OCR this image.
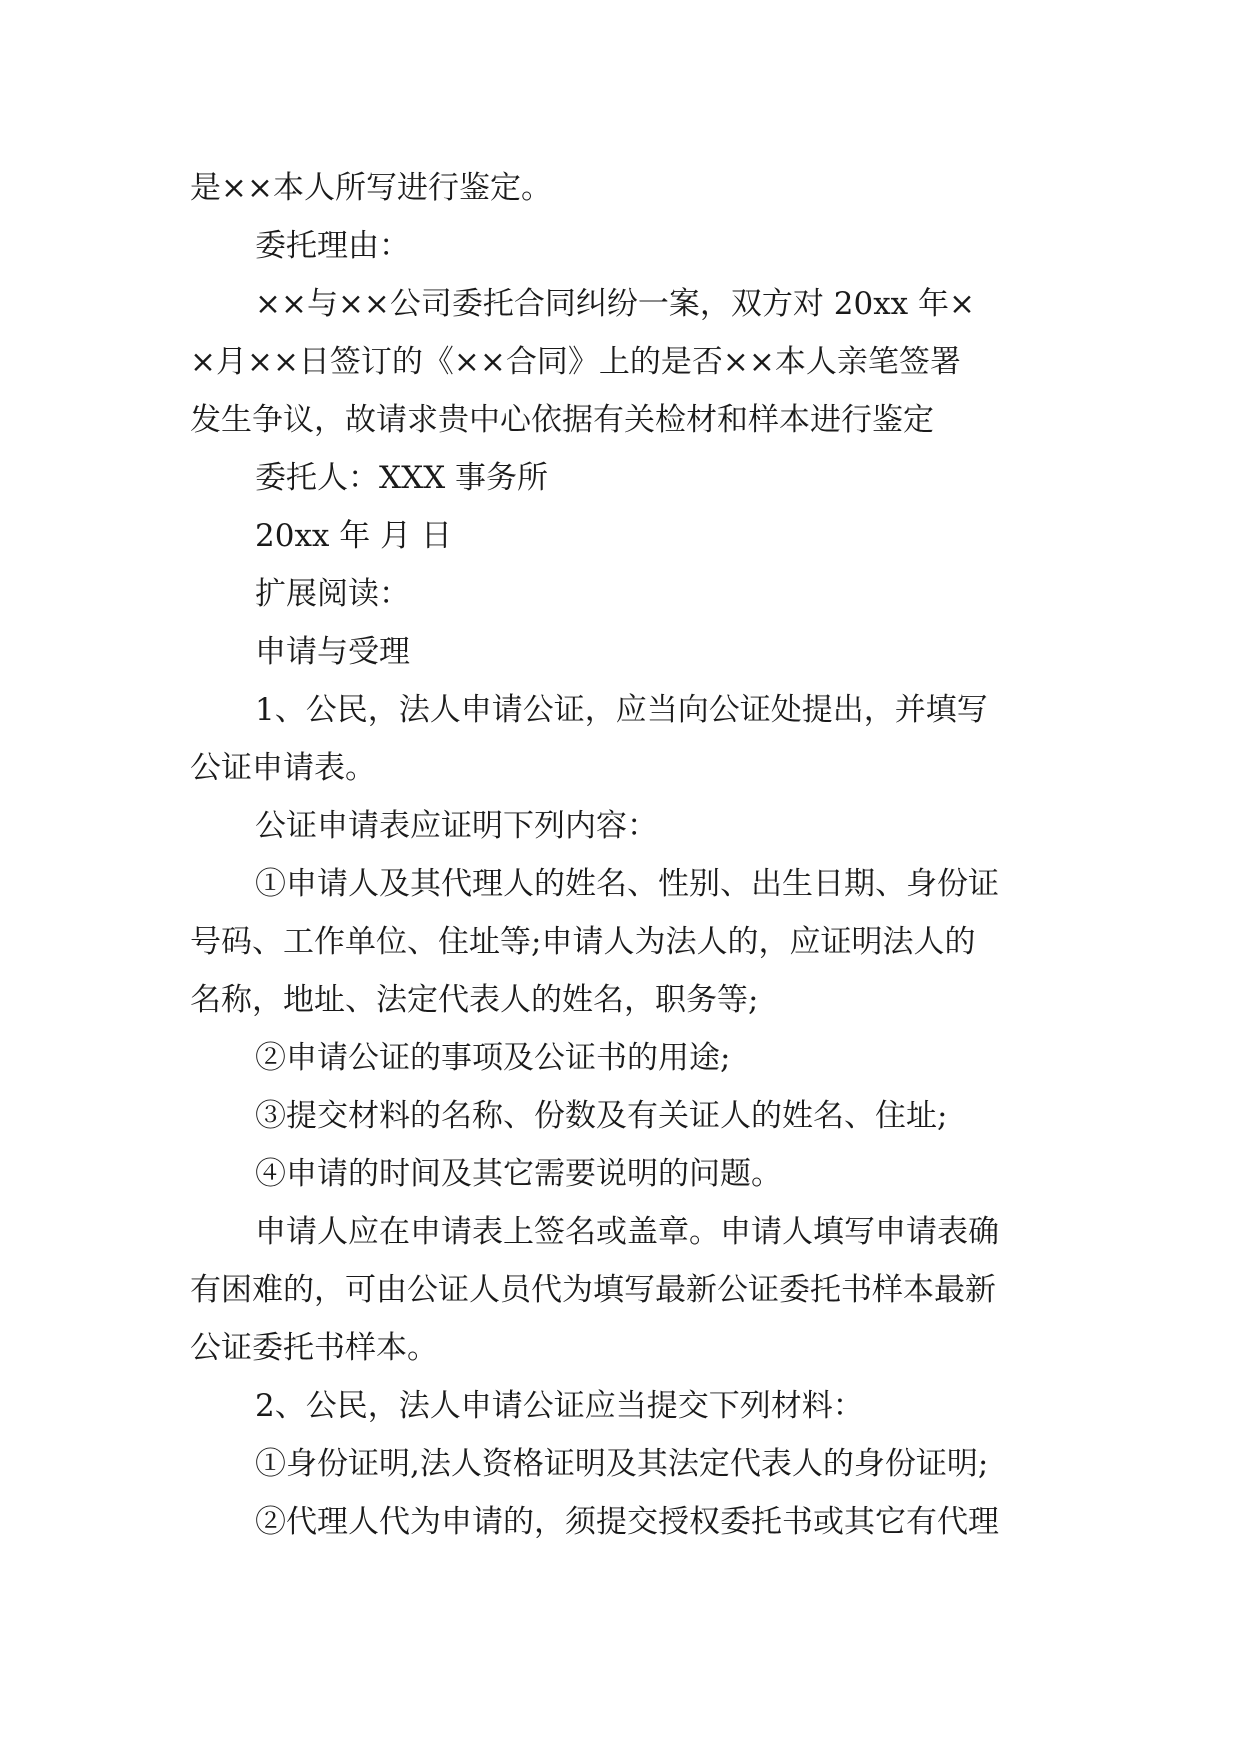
是××本人所写进行鉴定。
委托理由：
××与××公司委托合同纠纷一案，双方对 20xx 年×
×月××日签订的《××合同》上的是否××本人亲笔签署
发生争议，故请求贵中心依据有关检材和样本进行鉴定
委托人：XXX 事务所
20xx 年 月 日
扩展阅读：
申请与受理
1、公民，法人申请公证，应当向公证处提出，并填写
公证申请表。
公证申请表应证明下列内容：
①申请人及其代理人的姓名、性别、出生日期、身份证
号码、工作单位、住址等;申请人为法人的，应证明法人的
名称，地址、法定代表人的姓名，职务等;
②申请公证的事项及公证书的用途;
③提交材料的名称、份数及有关证人的姓名、住址;
④申请的时间及其它需要说明的问题。
申请人应在申请表上签名或盖章。申请人填写申请表确
有困难的，可由公证人员代为填写最新公证委托书样本最新
公证委托书样本。
2、公民，法人申请公证应当提交下列材料：
①身份证明,法人资格证明及其法定代表人的身份证明;
②代理人代为申请的，须提交授权委托书或其它有代理
